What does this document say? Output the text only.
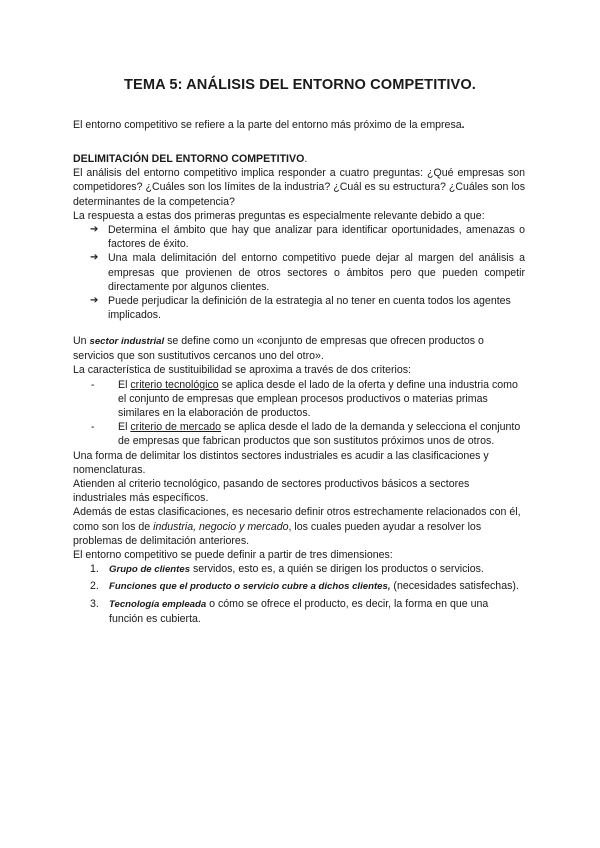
TEMA 5: ANÁLISIS DEL ENTORNO COMPETITIVO.
El entorno competitivo se refiere a la parte del entorno más próximo de la empresa.

DELIMITACIÓN DEL ENTORNO COMPETITIVO.

El análisis del entorno competitivo implica responder a cuatro preguntas: ¿Qué empresas son competidores? ¿Cuáles son los límites de la industria? ¿Cuál es su estructura? ¿Cuáles son los determinantes de la competencia?

La respuesta a estas dos primeras preguntas es especialmente relevante debido a que:

➔ Determina el ámbito que hay que analizar para identificar oportunidades, amenazas o factores de éxito.
➔ Una mala delimitación del entorno competitivo puede dejar al margen del análisis a empresas que provienen de otros sectores o ámbitos pero que pueden competir directamente por algunos clientes.
➔ Puede perjudicar la definición de la estrategia al no tener en cuenta todos los agentes implicados.

Un sector industrial se define como un «conjunto de empresas que ofrecen productos o servicios que son sustitutivos cercanos uno del otro».

La característica de sustituibilidad se aproxima a través de dos criterios:

- El criterio tecnológico se aplica desde el lado de la oferta y define una industria como el conjunto de empresas que emplean procesos productivos o materias primas similares en la elaboración de productos.
- El criterio de mercado se aplica desde el lado de la demanda y selecciona el conjunto de empresas que fabrican productos que son sustitutos próximos unos de otros.

Una forma de delimitar los distintos sectores industriales es acudir a las clasificaciones y nomenclaturas.

Atienden al criterio tecnológico, pasando de sectores productivos básicos a sectores industriales más específicos.

Además de estas clasificaciones, es necesario definir otros estrechamente relacionados con él, como son los de industria, negocio y mercado, los cuales pueden ayudar a resolver los problemas de delimitación anteriores.

El entorno competitivo se puede definir a partir de tres dimensiones:

1. Grupo de clientes servidos, esto es, a quién se dirigen los productos o servicios.
2. Funciones que el producto o servicio cubre a dichos clientes, (necesidades satisfechas).
3. Tecnología empleada o cómo se ofrece el producto, es decir, la forma en que una función es cubierta.
